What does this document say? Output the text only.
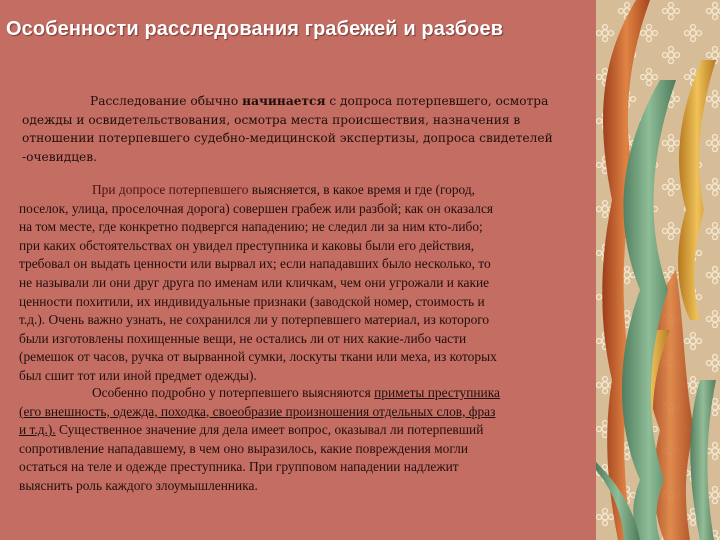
Особенности расследования грабежей и разбоев
Расследование обычно начинается с допроса потерпевшего, осмотра
одежды и освидетельствования, осмотра места происшествия, назначения в
отношении потерпевшего судебно-медицинской экспертизы, допроса свидетелей
-очевидцев.
При допросе потерпевшего выясняется, в какое время и где (город,
поселок, улица, проселочная дорога) совершен грабеж или разбой; как он оказался
на том месте, где конкретно подвергся нападению; не следил ли за ним кто-либо;
при каких обстоятельствах он увидел преступника и каковы были его действия,
требовал он выдать ценности или вырвал их; если нападавших было несколько, то
не называли ли они друг друга по именам или кличкам, чем они угрожали и какие
ценности похитили, их индивидуальные признаки (заводской номер, стоимость и
т.д.). Очень важно узнать, не сохранился ли у потерпевшего материал, из которого
были изготовлены похищенные вещи, не остались ли от них какие-либо части
(ремешок от часов, ручка от вырванной сумки, лоскуты ткани или меха, из которых
был сшит тот или иной предмет одежды).
Особенно подробно у потерпевшего выясняются приметы преступника
(его внешность, одежда, походка, своеобразие произношения отдельных слов, фраз
и т.д.). Существенное значение для дела имеет вопрос, оказывал ли потерпевший
сопротивление нападавшему, в чем оно выразилось, какие повреждения могли
остаться на теле и одежде преступника. При групповом нападении надлежит
выяснить роль каждого злоумышленника.
